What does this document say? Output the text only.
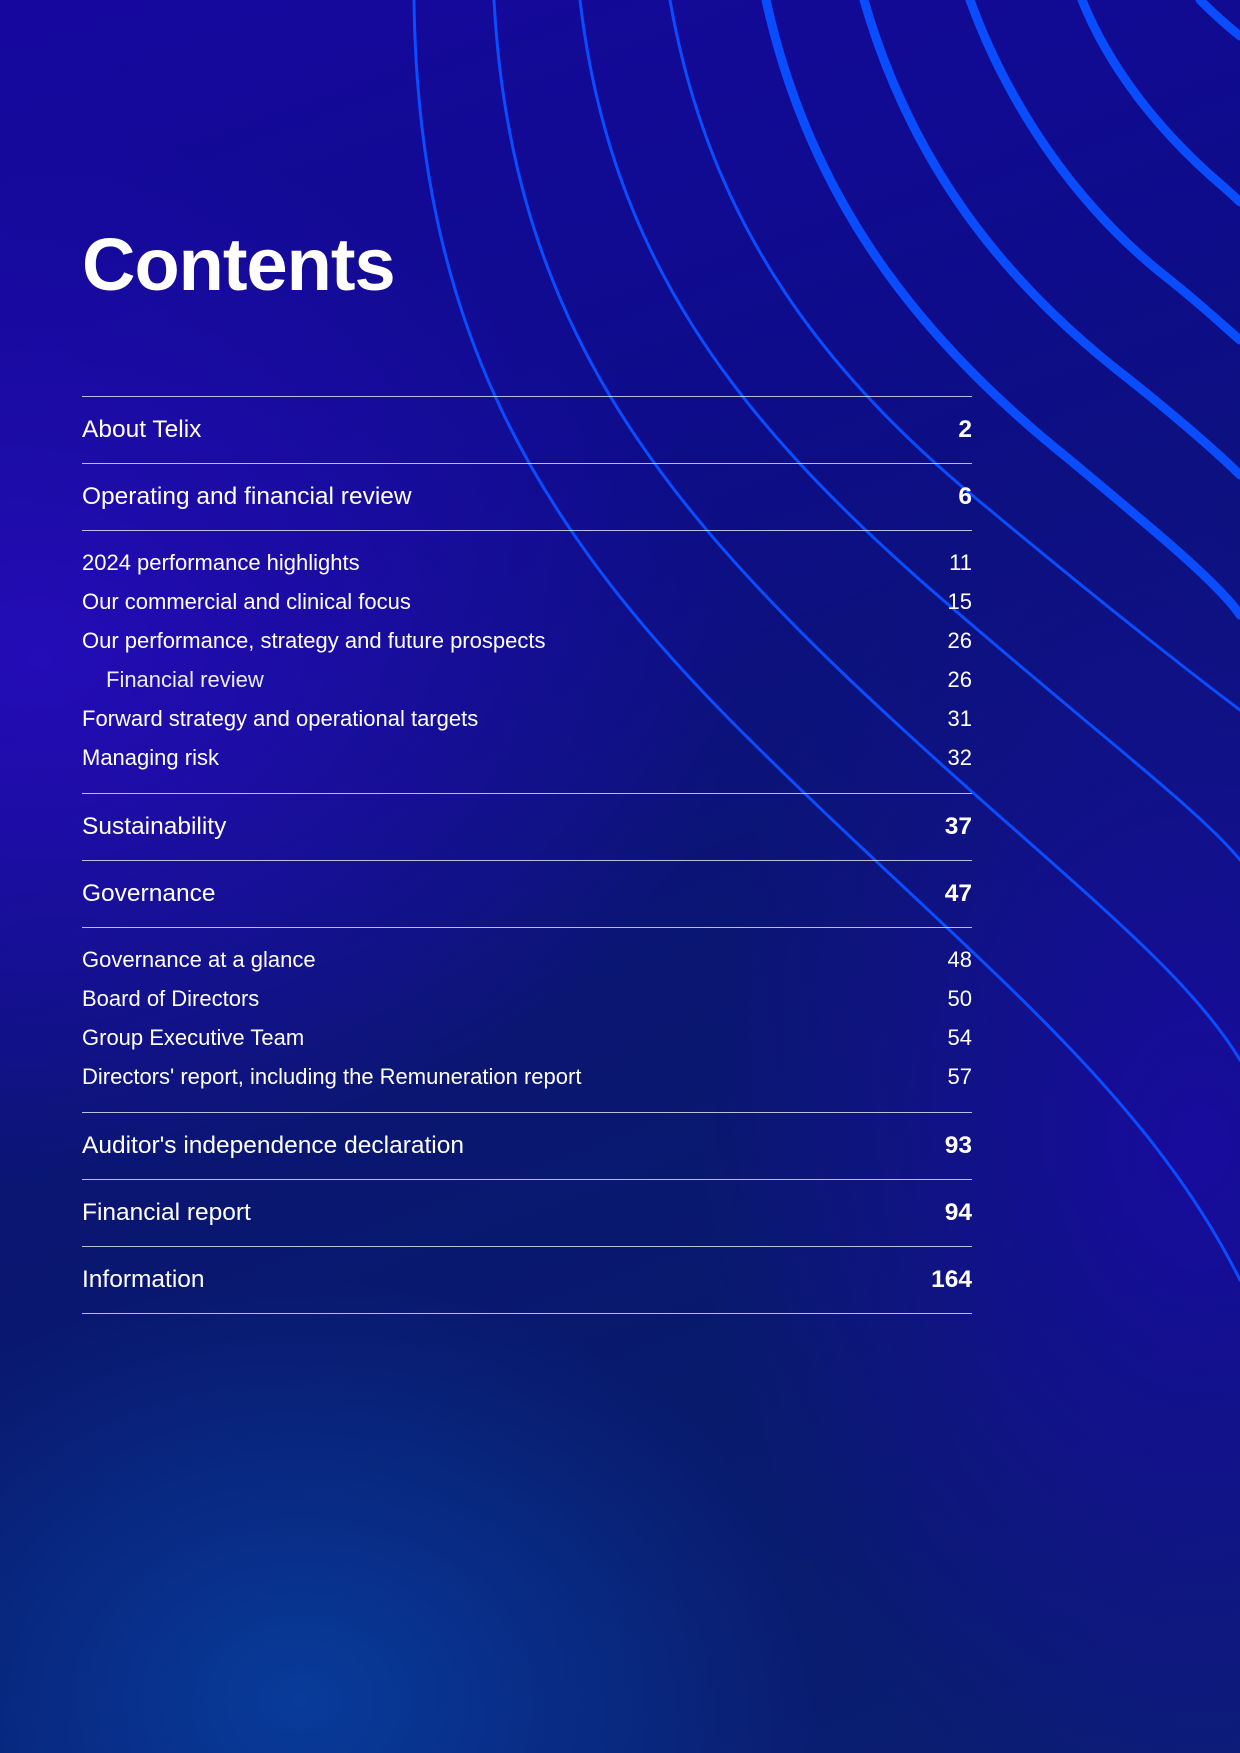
Contents
About Telix	2
Operating and financial review	6
2024 performance highlights	11
Our commercial and clinical focus	15
Our performance, strategy and future prospects	26
Financial review	26
Forward strategy and operational targets	31
Managing risk	32
Sustainability	37
Governance	47
Governance at a glance	48
Board of Directors	50
Group Executive Team	54
Directors' report, including the Remuneration report	57
Auditor's independence declaration	93
Financial report	94
Information	164
